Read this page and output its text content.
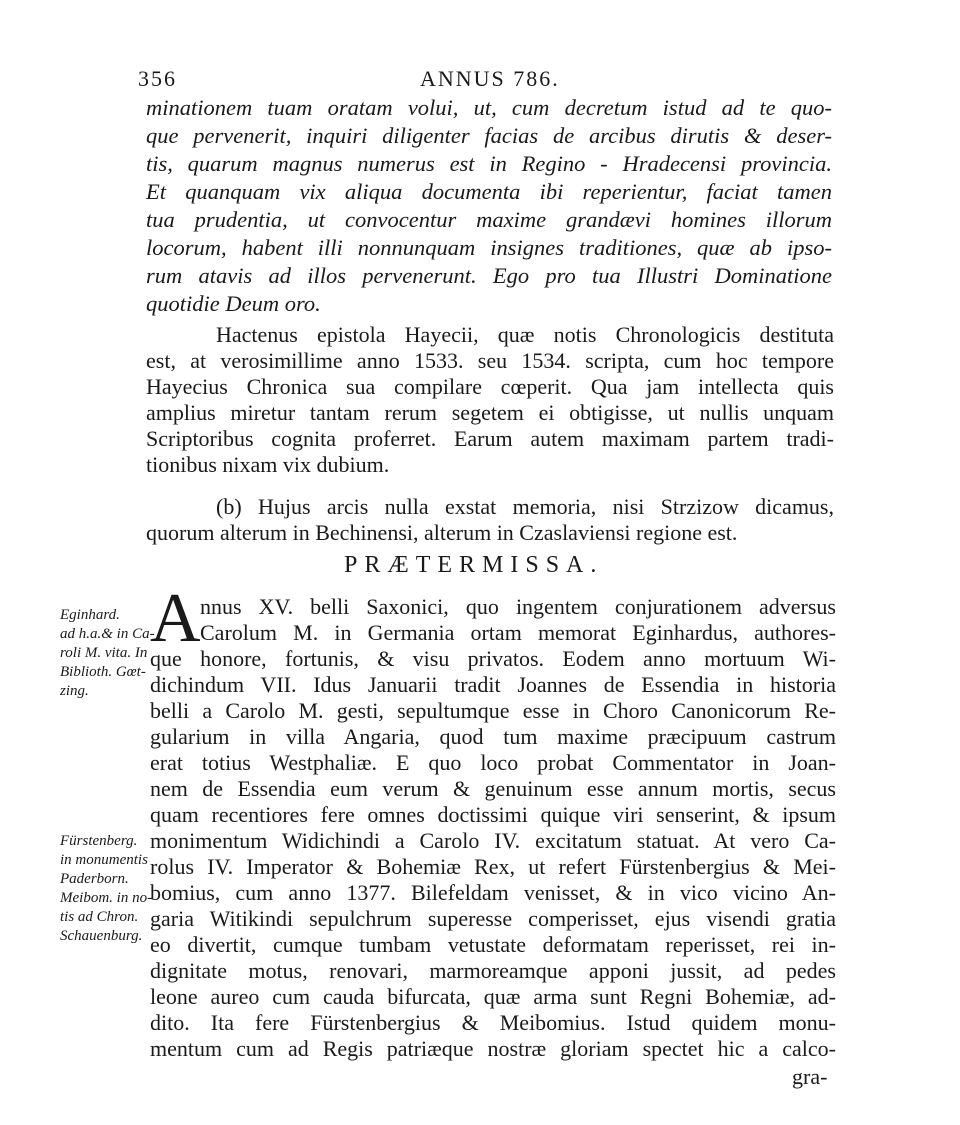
356	ANNUS 786.
minationem tuam oratam volui, ut, cum decretum istud ad te quo-
que pervenerit, inquiri diligenter facias de arcibus dirutis & deser-
tis, quarum magnus numerus est in Regino - Hradecensi provincia.
Et quanquam vix aliqua documenta ibi reperientur, faciat tamen
tua prudentia, ut convocentur maxime grandævi homines illorum
locorum, habent illi nonnunquam insignes traditiones, quæ ab ipso-
rum atavis ad illos pervenerunt. Ego pro tua Illustri Dominatione
quotidie Deum oro.
Hactenus epistola Hayecii, quæ notis Chronologicis destituta
est, at verosimillime anno 1533. seu 1534. scripta, cum hoc tempore
Hayecius Chronica sua compilare cœperit. Qua jam intellecta quis
amplius miretur tantam rerum segetem ei obtigisse, ut nullis unquam
Scriptoribus cognita proferret. Earum autem maximam partem tradi-
tionibus nixam vix dubium.
(b) Hujus arcis nulla exstat memoria, nisi Strzizow dicamus,
quorum alterum in Bechinensi, alterum in Czaslaviensi regione est.
PRÆTERMISSA.
Eginhard.
ad h.a.& in Ca-
roli M. vita. In
Biblioth. Gœt-
zing.
Fürstenberg.
in monumentis
Paderborn.
Meibom. in no-
tis ad Chron.
Schauenburg.
A nnus XV. belli Saxonici, quo ingentem conjurationem adversus
Carolum M. in Germania ortam memorat Eginhardus, authores-
que honore, fortunis, & visu privatos. Eodem anno mortuum Wi-
dichindum VII. Idus Januarii tradit Joannes de Essendia in historia
belli a Carolo M. gesti, sepultumque esse in Choro Canonicorum Re-
gularium in villa Angaria, quod tum maxime præcipuum castrum
erat totius Westphaliæ. E quo loco probat Commentator in Joan-
nem de Essendia eum verum & genuinum esse annum mortis, secus
quam recentiores fere omnes doctissimi quique viri senserint, & ipsum
monimentum Widichindi a Carolo IV. excitatum statuat. At vero Ca-
rolus IV. Imperator & Bohemiæ Rex, ut refert Fürstenbergius & Mei-
bomius, cum anno 1377. Bilefeldam venisset, & in vico vicino An-
garia Witikindi sepulchrum superesse comperisset, ejus visendi gratia
eo divertit, cumque tumbam vetustate deformatam reperisset, rei in-
dignitate motus, renovari, marmoreamque apponi jussit, ad pedes
leone aureo cum cauda bifurcata, quæ arma sunt Regni Bohemiæ, ad-
dito. Ita fere Fürstenbergius & Meibomius. Istud quidem monu-
mentum cum ad Regis patriæque nostræ gloriam spectet hic a calco-
gra-
